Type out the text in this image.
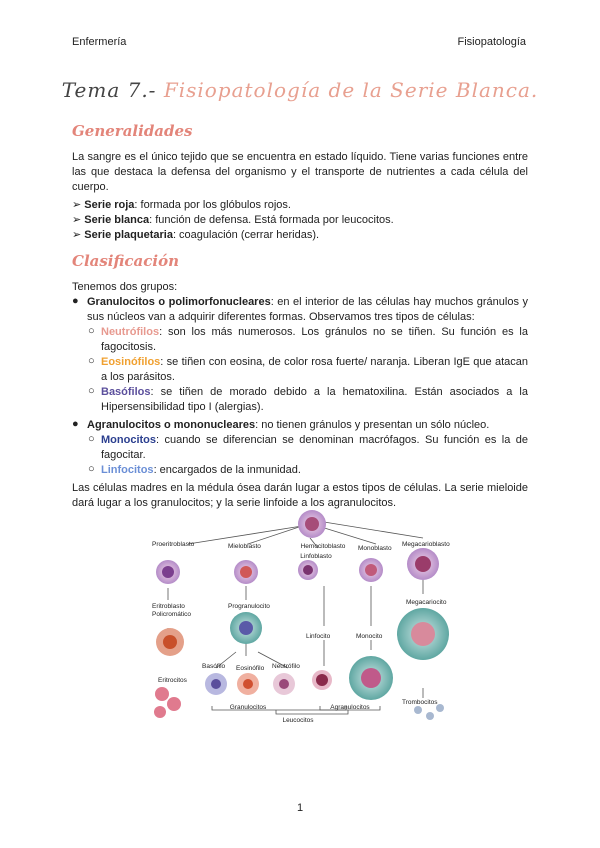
Enfermería	Fisiopatología
Tema 7.- Fisiopatología de la Serie Blanca.
Generalidades
La sangre es el único tejido que se encuentra en estado líquido. Tiene varias funciones entre las que destaca la defensa del organismo y el transporte de nutrientes a cada célula del cuerpo.
➢ Serie roja: formada por los glóbulos rojos.
➢ Serie blanca: función de defensa. Está formada por leucocitos.
➢ Serie plaquetaria: coagulación (cerrar heridas).
Clasificación
Tenemos dos grupos:
● Granulocitos o polimorfonucleares: en el interior de las células hay muchos gránulos y sus núcleos van a adquirir diferentes formas. Observamos tres tipos de células:
○ Neutrófilos: son los más numerosos. Los gránulos no se tiñen. Su función es la fagocitosis.
○ Eosinófilos: se tiñen con eosina, de color rosa fuerte/ naranja. Liberan IgE que atacan a los parásitos.
○ Basófilos: se tiñen de morado debido a la hematoxilina. Están asociados a la Hipersensibilidad tipo I (alergias).
● Agranulocitos o mononucleares: no tienen gránulos y presentan un sólo núcleo.
○ Monocitos: cuando se diferencian se denominan macrófagos. Su función es la de fagocitar.
○ Linfocitos: encargados de la inmunidad.
Las células madres en la médula ósea darán lugar a estos tipos de células. La serie mieloide dará lugar a los granulocitos; y la serie linfoide a los agranulocitos.
Hemocitoblasto
Proeritroblasto	Mieloblasto
Linfoblasto
Monoblasto
Megacarioblasto
Eritroblasto
Policromático
Progranulocito
Linfocito	Monocito
Megacariocito
Eritrocitos
Basófilo Eosinófilo Neutrófilo
Trombocitos
Granulocitos	Agranulocitos
Leucocitos
1
